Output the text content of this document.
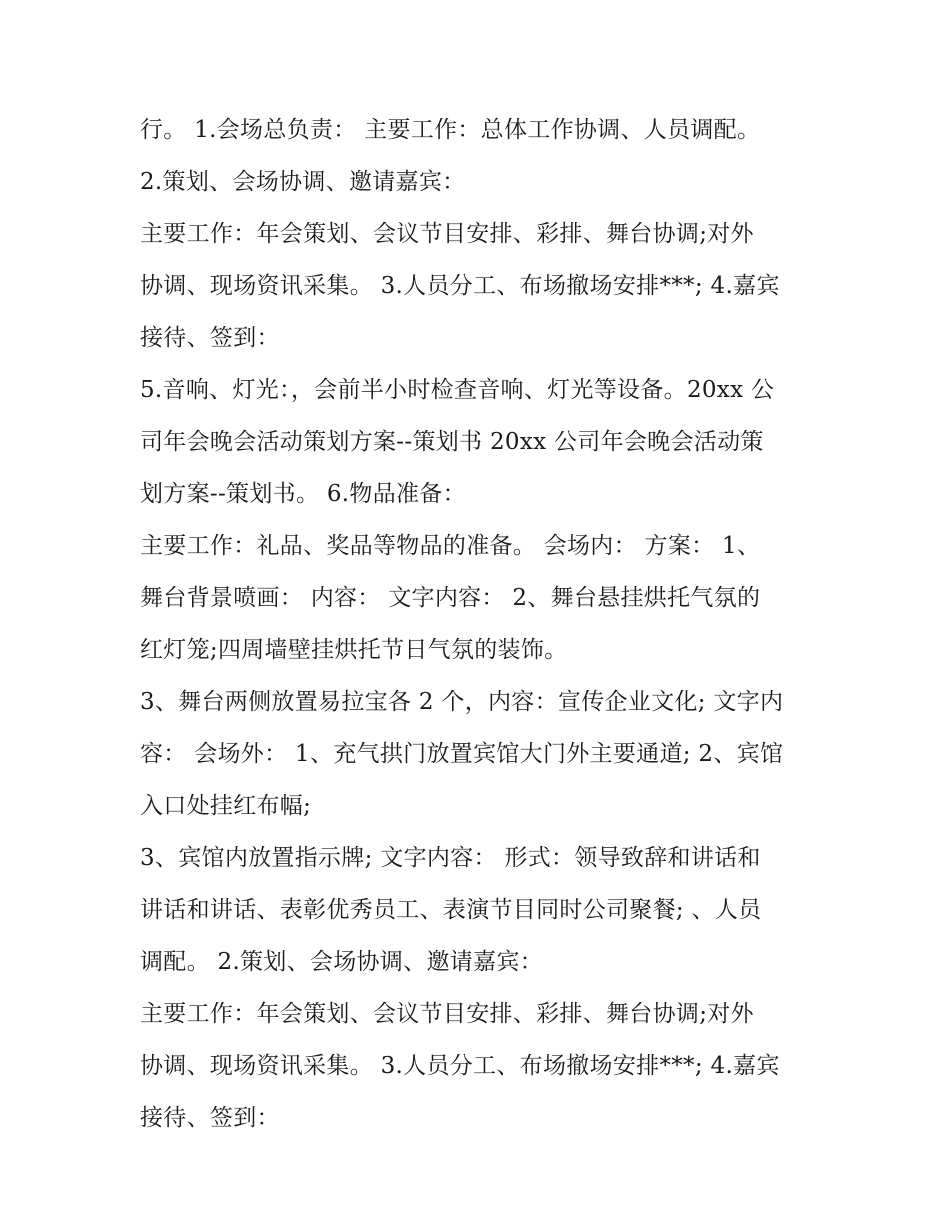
行。 1.会场总负责： 主要工作：总体工作协调、人员调配。
2.策划、会场协调、邀请嘉宾：
主要工作：年会策划、会议节目安排、彩排、舞台协调;对外
协调、现场资讯采集。 3.人员分工、布场撤场安排***; 4.嘉宾
接待、签到：
5.音响、灯光：，会前半小时检查音响、灯光等设备。20xx 公
司年会晚会活动策划方案--策划书 20xx 公司年会晚会活动策
划方案--策划书。 6.物品准备：
主要工作：礼品、奖品等物品的准备。 会场内： 方案： 1、
舞台背景喷画： 内容： 文字内容： 2、舞台悬挂烘托气氛的
红灯笼;四周墙壁挂烘托节日气氛的装饰。
3、舞台两侧放置易拉宝各 2 个，内容：宣传企业文化; 文字内
容： 会场外： 1、充气拱门放置宾馆大门外主要通道; 2、宾馆
入口处挂红布幅;
3、宾馆内放置指示牌; 文字内容： 形式：领导致辞和讲话和
讲话和讲话、表彰优秀员工、表演节目同时公司聚餐; 、人员
调配。 2.策划、会场协调、邀请嘉宾：
主要工作：年会策划、会议节目安排、彩排、舞台协调;对外
协调、现场资讯采集。 3.人员分工、布场撤场安排***; 4.嘉宾
接待、签到：
